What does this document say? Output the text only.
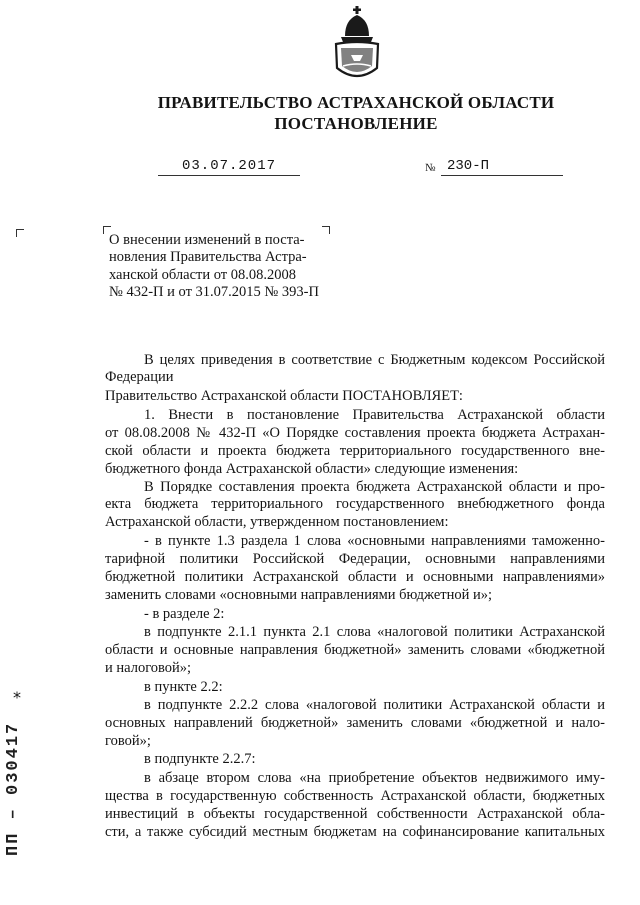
ПРАВИТЕЛЬСТВО АСТРАХАНСКОЙ ОБЛАСТИ
ПОСТАНОВЛЕНИЕ
03.07.2017	№ 230-П
О внесении изменений в поста-
новления Правительства Астра-
ханской области от 08.08.2008
№ 432-П и от 31.07.2015 № 393-П
В целях приведения в соответствие с Бюджетным кодексом Российской
Федерации
Правительство Астраханской области ПОСТАНОВЛЯЕТ:
1. Внести в постановление Правительства Астраханской области
от 08.08.2008 № 432-П «О Порядке составления проекта бюджета Астрахан-
ской области и проекта бюджета территориального государственного вне-
бюджетного фонда Астраханской области» следующие изменения:
В Порядке составления проекта бюджета Астраханской области и про-
екта бюджета территориального государственного внебюджетного фонда
Астраханской области, утвержденном постановлением:
- в пункте 1.3 раздела 1 слова «основными направлениями таможенно-
тарифной политики Российской Федерации, основными направлениями
бюджетной политики Астраханской области и основными направлениями»
заменить словами «основными направлениями бюджетной и»;
- в разделе 2:
в подпункте 2.1.1 пункта 2.1 слова «налоговой политики Астраханской
области и основные направления бюджетной» заменить словами «бюджетной
и налоговой»;
в пункте 2.2:
в подпункте 2.2.2 слова «налоговой политики Астраханской области и
основных направлений бюджетной» заменить словами «бюджетной и нало-
говой»;
в подпункте 2.2.7:
в абзаце втором слова «на приобретение объектов недвижимого иму-
щества в государственную собственность Астраханской области, бюджетных
инвестиций в объекты государственной собственности Астраханской обла-
сти, а также субсидий местным бюджетам на софинансирование капитальных
ПП – 030417
⁎
